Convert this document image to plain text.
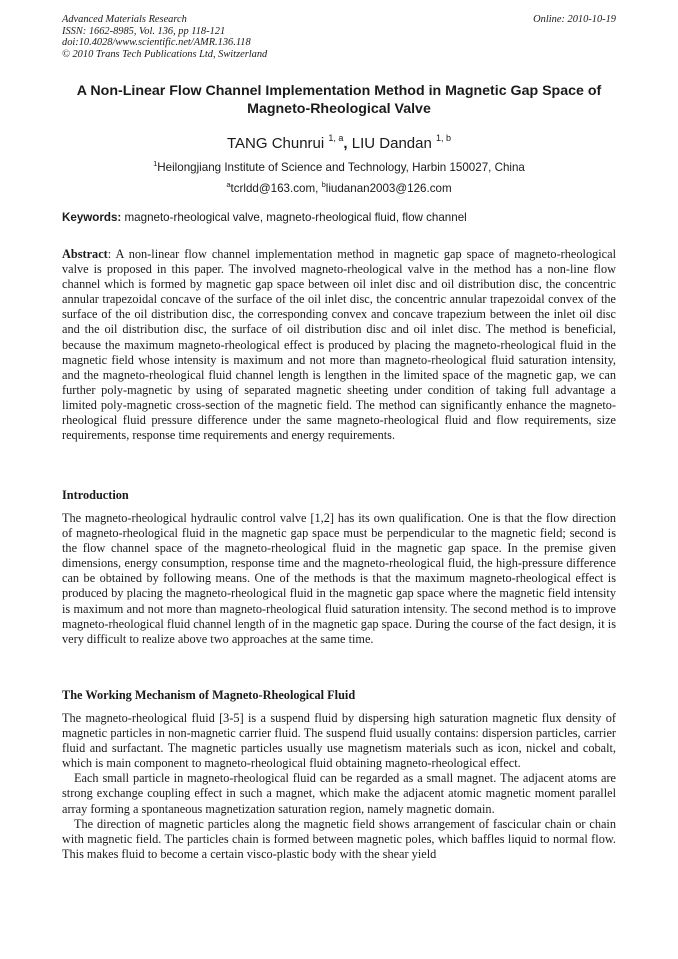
Advanced Materials Research
ISSN: 1662-8985, Vol. 136, pp 118-121
doi:10.4028/www.scientific.net/AMR.136.118
© 2010 Trans Tech Publications Ltd, Switzerland
Online: 2010-10-19
A Non-Linear Flow Channel Implementation Method in Magnetic Gap Space of Magneto-Rheological Valve
TANG Chunrui $^{1, a}$, LIU Dandan $^{1, b}$
$^1$Heilongjiang Institute of Science and Technology, Harbin 150027, China
$^a$tcrldd@163.com, $^b$liudanan2003@126.com
Keywords: magneto-rheological valve, magneto-rheological fluid, flow channel

Abstract: A non-linear flow channel implementation method in magnetic gap space of magneto-rheological valve is proposed in this paper. The involved magneto-rheological valve in the method has a non-line flow channel which is formed by magnetic gap space between oil inlet disc and oil distribution disc, the concentric annular trapezoidal concave of the surface of the oil inlet disc, the concentric annular trapezoidal convex of the surface of the oil distribution disc, the corresponding convex and concave trapezium between the inlet oil disc and the oil distribution disc, the surface of oil distribution disc and oil inlet disc. The method is beneficial, because the maximum magneto-rheological effect is produced by placing the magneto-rheological fluid in the magnetic field whose intensity is maximum and not more than magneto-rheological fluid saturation intensity, and the magneto-rheological fluid channel length is lengthen in the limited space of the magnetic gap, we can further poly-magnetic by using of separated magnetic sheeting under condition of taking full advantage a limited poly-magnetic cross-section of the magnetic field. The method can significantly enhance the magneto-rheological fluid pressure difference under the same magneto-rheological fluid and flow requirements, size requirements, response time requirements and energy requirements.

Introduction

The magneto-rheological hydraulic control valve [1,2] has its own qualification. One is that the flow direction of magneto-rheological fluid in the magnetic gap space must be perpendicular to the magnetic field; second is the flow channel space of the magneto-rheological fluid in the magnetic gap space. In the premise given dimensions, energy consumption, response time and the magneto-rheological fluid, the high-pressure difference can be obtained by following means. One of the methods is that the maximum magneto-rheological effect is produced by placing the magneto-rheological fluid in the magnetic gap space where the magnetic field intensity is maximum and not more than magneto-rheological fluid saturation intensity. The second method is to improve magneto-rheological fluid channel length of in the magnetic gap space. During the course of the fact design, it is very difficult to realize above two approaches at the same time.

The Working Mechanism of Magneto-Rheological Fluid

The magneto-rheological fluid [3-5] is a suspend fluid by dispersing high saturation magnetic flux density of magnetic particles in non-magnetic carrier fluid. The suspend fluid usually contains: dispersion particles, carrier fluid and surfactant. The magnetic particles usually use magnetism materials such as icon, nickel and cobalt, which is main component to magneto-rheological fluid obtaining magneto-rheological effect.

Each small particle in magneto-rheological fluid can be regarded as a small magnet. The adjacent atoms are strong exchange coupling effect in such a magnet, which make the adjacent atomic magnetic moment parallel array forming a spontaneous magnetization saturation region, namely magnetic domain.

The direction of magnetic particles along the magnetic field shows arrangement of fascicular chain or chain with magnetic field. The particles chain is formed between magnetic poles, which baffles liquid to normal flow. This makes fluid to become a certain visco-plastic body with the shear yield
